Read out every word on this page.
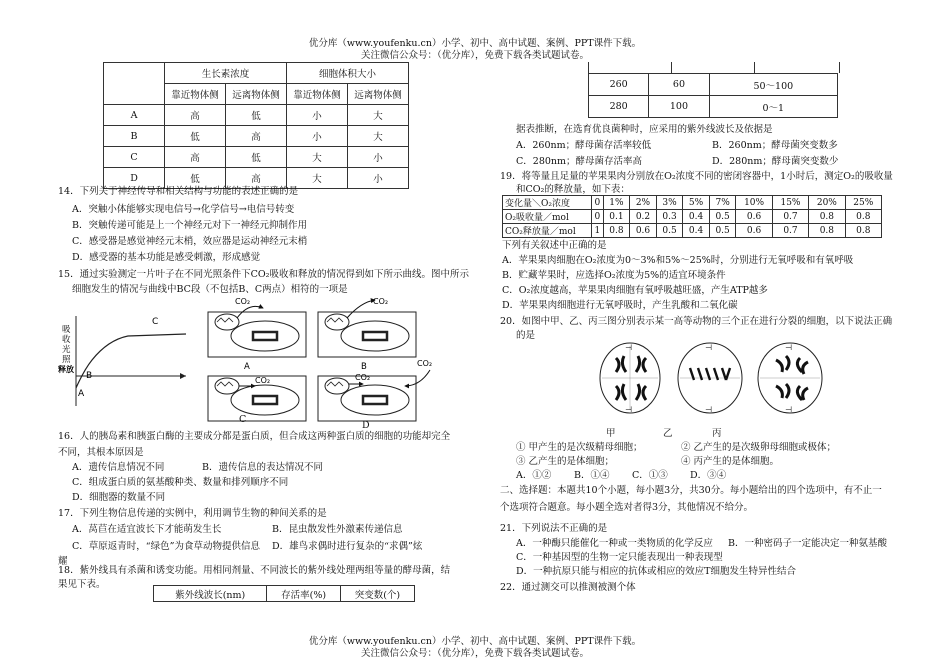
优分库（www.youfenku.cn）小学、初中、高中试题、案例、PPT课件下载。
关注微信公众号：（优分库），免费下载各类试题试卷。
	生长素浓度		细胞体积大小	
	靠近物体侧	远离物体侧	靠近物体侧	远离物体侧
A	高	低	小	大
B	低	高	小	大
C	高	低	大	小
D	低	高	大	小
14．下列关于神经传导和相关结构与功能的表述正确的是
A．突触小体能够实现电信号→化学信号→电信号转变
B．突触传递可能是上一个神经元对下一神经元抑制作用
C．感受器是感觉神经元末梢，效应器是运动神经元末梢
D．感受器的基本功能是感受刺激，形成感觉
15．通过实验测定一片叶子在不同光照条件下CO₂吸收和释放的情况得到如下所示曲线。图中所示
细胞发生的情况与曲线中BC段（不包括B、C两点）相符的一项是
吸
收
光
照
释放
C
B
A
CO₂
A
CO₂
B
CO₂	CO₂
CO₂
C
D
16．人的胰岛素和胰蛋白酶的主要成分都是蛋白质，但合成这两种蛋白质的细胞的功能却完全
不同，其根本原因是
A．遗传信息情况不同	B．遗传信息的表达情况不同
C．组成蛋白质的氨基酸种类、数量和排列顺序不同
D．细胞器的数量不同
17．下列生物信息传递的实例中，利用调节生物的种间关系的是
A．莴苣在适宜波长下才能萌发生长	B．昆虫散发性外激素传递信息
C．草原返青时，“绿色”为食草动物提供信息 D．雄鸟求偶时进行复杂的“求偶”炫
耀
18．紫外线具有杀菌和诱变功能。用相同剂量、不同波长的紫外线处理两组等量的酵母菌，结
果见下表。
紫外线波长(nm)	存活率(%)	突变数(个)
260	60	50～100
280	100	0～1
据表推断，在选育优良菌种时，应采用的紫外线波长及依据是
A．260nm；酵母菌存活率较低	B．260nm；酵母菌突变数多
C．280nm；酵母菌存活率高	D．280nm；酵母菌突变数少
19．将等量且足量的苹果果肉分别放在O₂浓度不同的密闭容器中，1小时后，测定O₂的吸收量
和CO₂的释放量，如下表：
变化量＼O₂浓度	0	1%	2%	3%	5%	7%	10%	15%	20%	25%
O₂吸收量／mol	0	0.1	0.2	0.3	0.4	0.5	0.6	0.7	0.8	0.8
CO₂释放量／mol	1	0.8	0.6	0.5	0.4	0.5	0.6	0.7	0.8	0.8
下列有关叙述中正确的是
A．苹果果肉细胞在O₂浓度为0～3%和5%～25%时，分别进行无氧呼吸和有氧呼吸
B．贮藏苹果时，应选择O₂浓度为5%的适宜环境条件
C．O₂浓度越高，苹果果肉细胞有氧呼吸越旺盛，产生ATP越多
D．苹果果肉细胞进行无氧呼吸时，产生乳酸和二氧化碳
20．如图中甲、乙、丙三图分别表示某一高等动物的三个正在进行分裂的细胞，以下说法正确
的是
⊣
⊣
⊣
⊣
⊣
⊣
甲	乙	丙
① 甲产生的是次级精母细胞；	② 乙产生的是次级卵母细胞或极体；
③ 乙产生的是体细胞；	④ 丙产生的是体细胞。
A．①② B．①④ C．①③ D．③④
二、选择题：本题共10个小题，每小题3分，共30分。每小题给出的四个选项中，有不止一
个选项符合题意。每小题全选对者得3分，其他情况不给分。
21．下列说法不正确的是
A．一种酶只能催化一种或一类物质的化学反应 B．一种密码子一定能决定一种氨基酸
C．一种基因型的生物一定只能表现出一种表现型
D．一种抗原只能与相应的抗体或相应的效应T细胞发生特异性结合
22．通过测交可以推测被测个体
优分库（www.youfenku.cn）小学、初中、高中试题、案例、PPT课件下载。
关注微信公众号：（优分库），免费下载各类试题试卷。
